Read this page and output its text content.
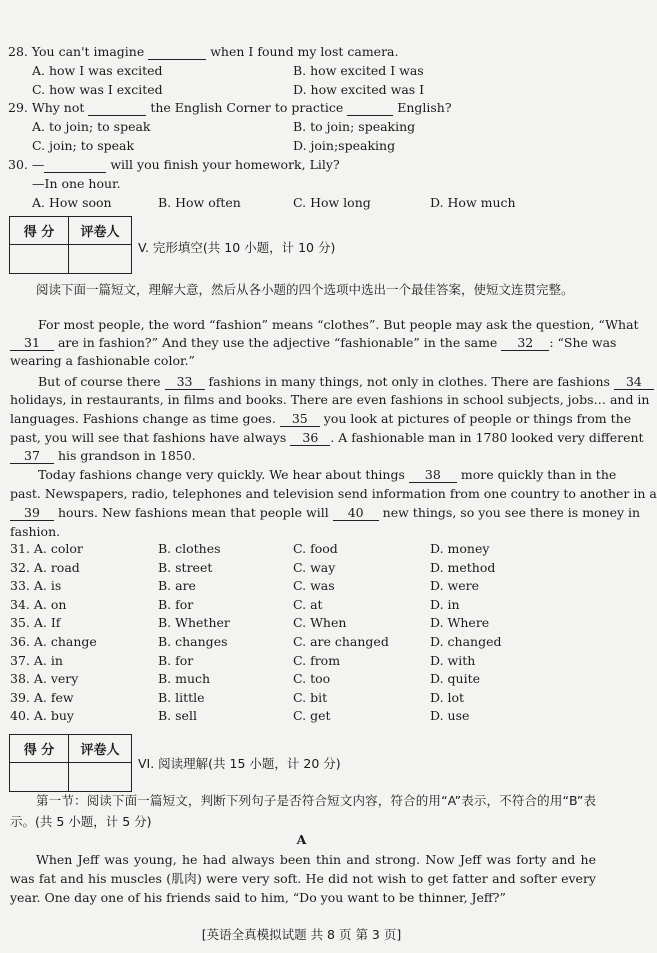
28. You can't imagine	when I found my lost camera.
A. how I was excited	B. how excited I was
C. how was I excited	D. how excited was I
29. Why not	the English Corner to practice	English?
A. to join; to speak	B. to join; speaking
C. join; to speak	D. join;speaking
30. —	will you finish your homework, Lily?
—In one hour.
A. How soon	B. How often	C. How long	D. How much
得 分	评卷人

V. 完形填空(共 10 小题，计 10 分)
阅读下面一篇短文，理解大意，然后从各小题的四个选项中选出一个最佳答案，使短文连贯完整。
For most people, the word “fashion” means “clothes”. But people may ask the question, “What
31 are in fashion?” And they use the adjective “fashionable” in the same 32 : “She was
wearing a fashionable color.”
But of course there 33 fashions in many things, not only in clothes. There are fashions 34
holidays, in restaurants, in films and books. There are even fashions in school subjects, jobs… and in
languages. Fashions change as time goes. 35 you look at pictures of people or things from the
past, you will see that fashions have always 36 . A fashionable man in 1780 looked very different
37 his grandson in 1850.
Today fashions change very quickly. We hear about things 38 more quickly than in the
past. Newspapers, radio, telephones and television send information from one country to another in a
39 hours. New fashions mean that people will 40 new things, so you see there is money in
fashion.
31. A. color	B. clothes	C. food	D. money
32. A. road	B. street	C. way	D. method
33. A. is	B. are	C. was	D. were
34. A. on	B. for	C. at	D. in
35. A. If	B. Whether	C. When	D. Where
36. A. change	B. changes	C. are changed	D. changed
37. A. in	B. for	C. from	D. with
38. A. very	B. much	C. too	D. quite
39. A. few	B. little	C. bit	D. lot
40. A. buy	B. sell	C. get	D. use
得 分	评卷人

VI. 阅读理解(共 15 小题，计 20 分)
第一节：阅读下面一篇短文，判断下列句子是否符合短文内容，符合的用“A”表示，不符合的用“B”表示。(共 5 小题，计 5 分)
A
When Jeff was young, he had always been thin and strong. Now Jeff was forty and he was fat and his muscles (肌肉) were very soft. He did not wish to get fatter and softer every year. One day one of his friends said to him, “Do you want to be thinner, Jeff?”
[英语全真模拟试题 共 8 页 第 3 页]
